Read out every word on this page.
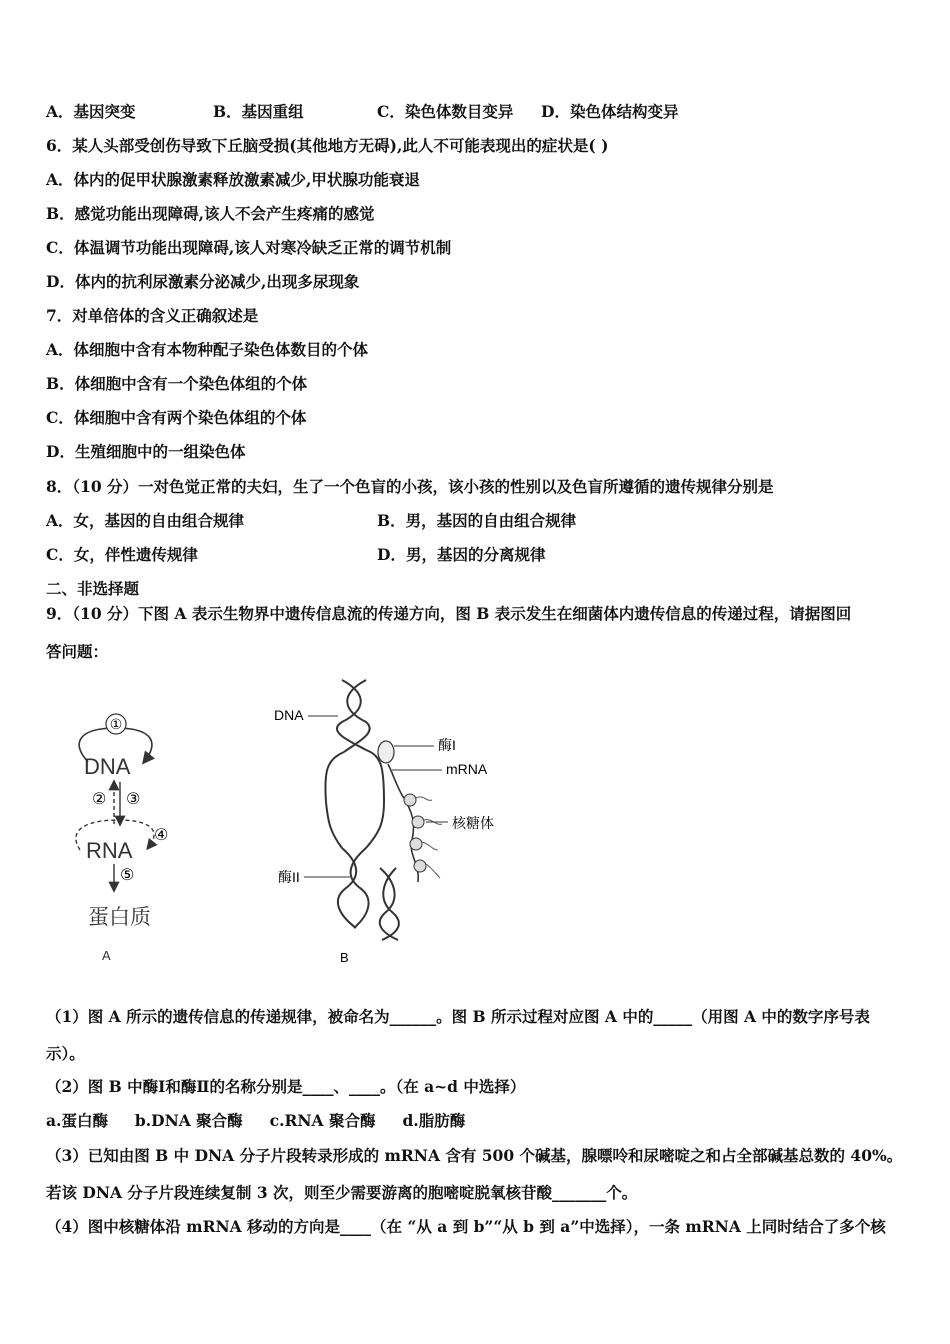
A．基因突变	B．基因重组	C．染色体数目变异 D．染色体结构变异
6．某人头部受创伤导致下丘脑受损(其他地方无碍),此人不可能表现出的症状是( )
A．体内的促甲状腺激素释放激素减少,甲状腺功能衰退
B．感觉功能出现障碍,该人不会产生疼痛的感觉
C．体温调节功能出现障碍,该人对寒冷缺乏正常的调节机制
D．体内的抗利尿激素分泌减少,出现多尿现象
7．对单倍体的含义正确叙述是
A．体细胞中含有本物种配子染色体数目的个体
B．体细胞中含有一个染色体组的个体
C．体细胞中含有两个染色体组的个体
D．生殖细胞中的一组染色体
8．（10 分）一对色觉正常的夫妇，生了一个色盲的小孩，该小孩的性别以及色盲所遵循的遗传规律分别是
A．女，基因的自由组合规律	B．男，基因的自由组合规律
C．女，伴性遗传规律	D．男，基因的分离规律
二、非选择题
9．（10 分）下图 A 表示生物界中遗传信息流的传递方向，图 B 表示发生在细菌体内遗传信息的传递过程，请据图回
答问题：
①
DNA
② ③
④
RNA
⑤
蛋白质
A
DNA
酶I
mRNA
核糖体
酶II
B
（1）图 A 所示的遗传信息的传递规律，被命名为______。图 B 所示过程对应图 A 中的_____（用图 A 中的数字序号表
示）。
（2）图 B 中酶Ⅰ和酶Ⅱ的名称分别是____、____。（在 a~d 中选择）
a.蛋白酶     b.DNA 聚合酶     c.RNA 聚合酶     d.脂肪酶
（3）已知由图 B 中 DNA 分子片段转录形成的 mRNA 含有 500 个碱基，腺嘌呤和尿嘧啶之和占全部碱基总数的 40%。
若该 DNA 分子片段连续复制 3 次，则至少需要游离的胞嘧啶脱氧核苷酸_______个。
（4）图中核糖体沿 mRNA 移动的方向是____（在 “从 a 到 b”“从 b 到 a”中选择），一条 mRNA 上同时结合了多个核
